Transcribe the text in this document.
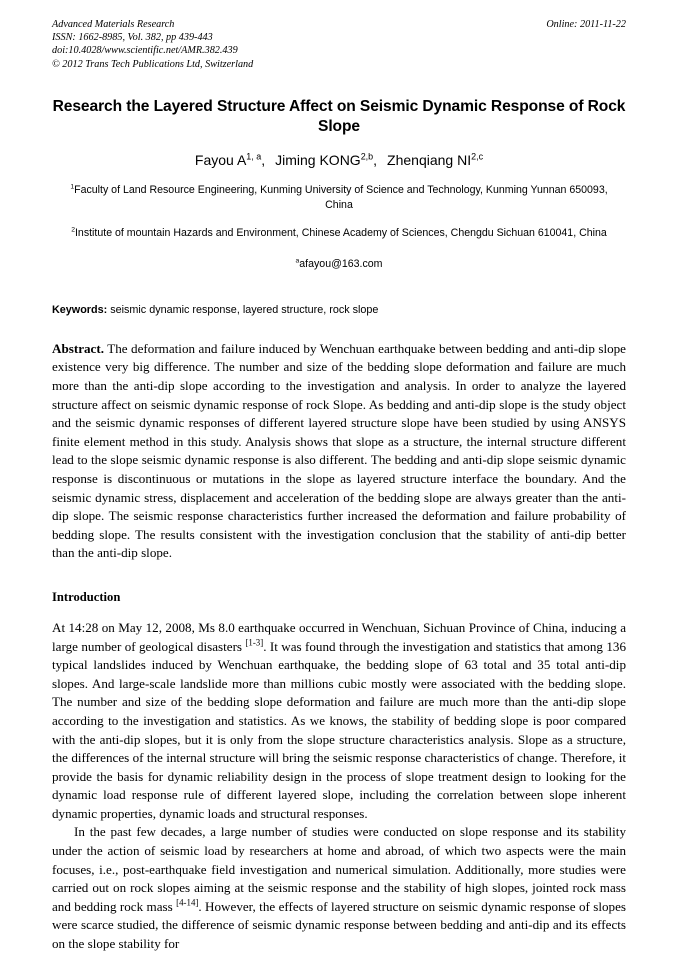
Advanced Materials Research
ISSN: 1662-8985, Vol. 382, pp 439-443
doi:10.4028/www.scientific.net/AMR.382.439
© 2012 Trans Tech Publications Ltd, Switzerland
Online: 2011-11-22
Research the Layered Structure Affect on Seismic Dynamic Response of Rock Slope
Fayou A$^{1, a}$, Jiming KONG$^{2,b}$, Zhenqiang NI$^{2,c}$
$^1$Faculty of Land Resource Engineering, Kunming University of Science and Technology, Kunming Yunnan 650093, China
$^2$Institute of mountain Hazards and Environment, Chinese Academy of Sciences, Chengdu Sichuan 610041, China
$^a$afayou@163.com
Keywords: seismic dynamic response, layered structure, rock slope
Abstract. The deformation and failure induced by Wenchuan earthquake between bedding and anti-dip slope existence very big difference. The number and size of the bedding slope deformation and failure are much more than the anti-dip slope according to the investigation and analysis. In order to analyze the layered structure affect on seismic dynamic response of rock Slope. As bedding and anti-dip slope is the study object and the seismic dynamic responses of different layered structure slope have been studied by using ANSYS finite element method in this study. Analysis shows that slope as a structure, the internal structure different lead to the slope seismic dynamic response is also different. The bedding and anti-dip slope seismic dynamic response is discontinuous or mutations in the slope as layered structure interface the boundary. And the seismic dynamic stress, displacement and acceleration of the bedding slope are always greater than the anti-dip slope. The seismic response characteristics further increased the deformation and failure probability of bedding slope. The results consistent with the investigation conclusion that the stability of anti-dip better than the anti-dip slope.
Introduction
At 14:28 on May 12, 2008, Ms 8.0 earthquake occurred in Wenchuan, Sichuan Province of China, inducing a large number of geological disasters [1-3]. It was found through the investigation and statistics that among 136 typical landslides induced by Wenchuan earthquake, the bedding slope of 63 total and 35 total anti-dip slopes. And large-scale landslide more than millions cubic mostly were associated with the bedding slope. The number and size of the bedding slope deformation and failure are much more than the anti-dip slope according to the investigation and statistics. As we knows, the stability of bedding slope is poor compared with the anti-dip slopes, but it is only from the slope structure characteristics analysis. Slope as a structure, the differences of the internal structure will bring the seismic response characteristics of change. Therefore, it provide the basis for dynamic reliability design in the process of slope treatment design to looking for the dynamic load response rule of different layered slope, including the correlation between slope inherent dynamic properties, dynamic loads and structural responses.
In the past few decades, a large number of studies were conducted on slope response and its stability under the action of seismic load by researchers at home and abroad, of which two aspects were the main focuses, i.e., post-earthquake field investigation and numerical simulation. Additionally, more studies were carried out on rock slopes aiming at the seismic response and the stability of high slopes, jointed rock mass and bedding rock mass [4-14]. However, the effects of layered structure on seismic dynamic response of slopes were scarce studied, the difference of seismic dynamic response between bedding and anti-dip and its effects on the slope stability for
